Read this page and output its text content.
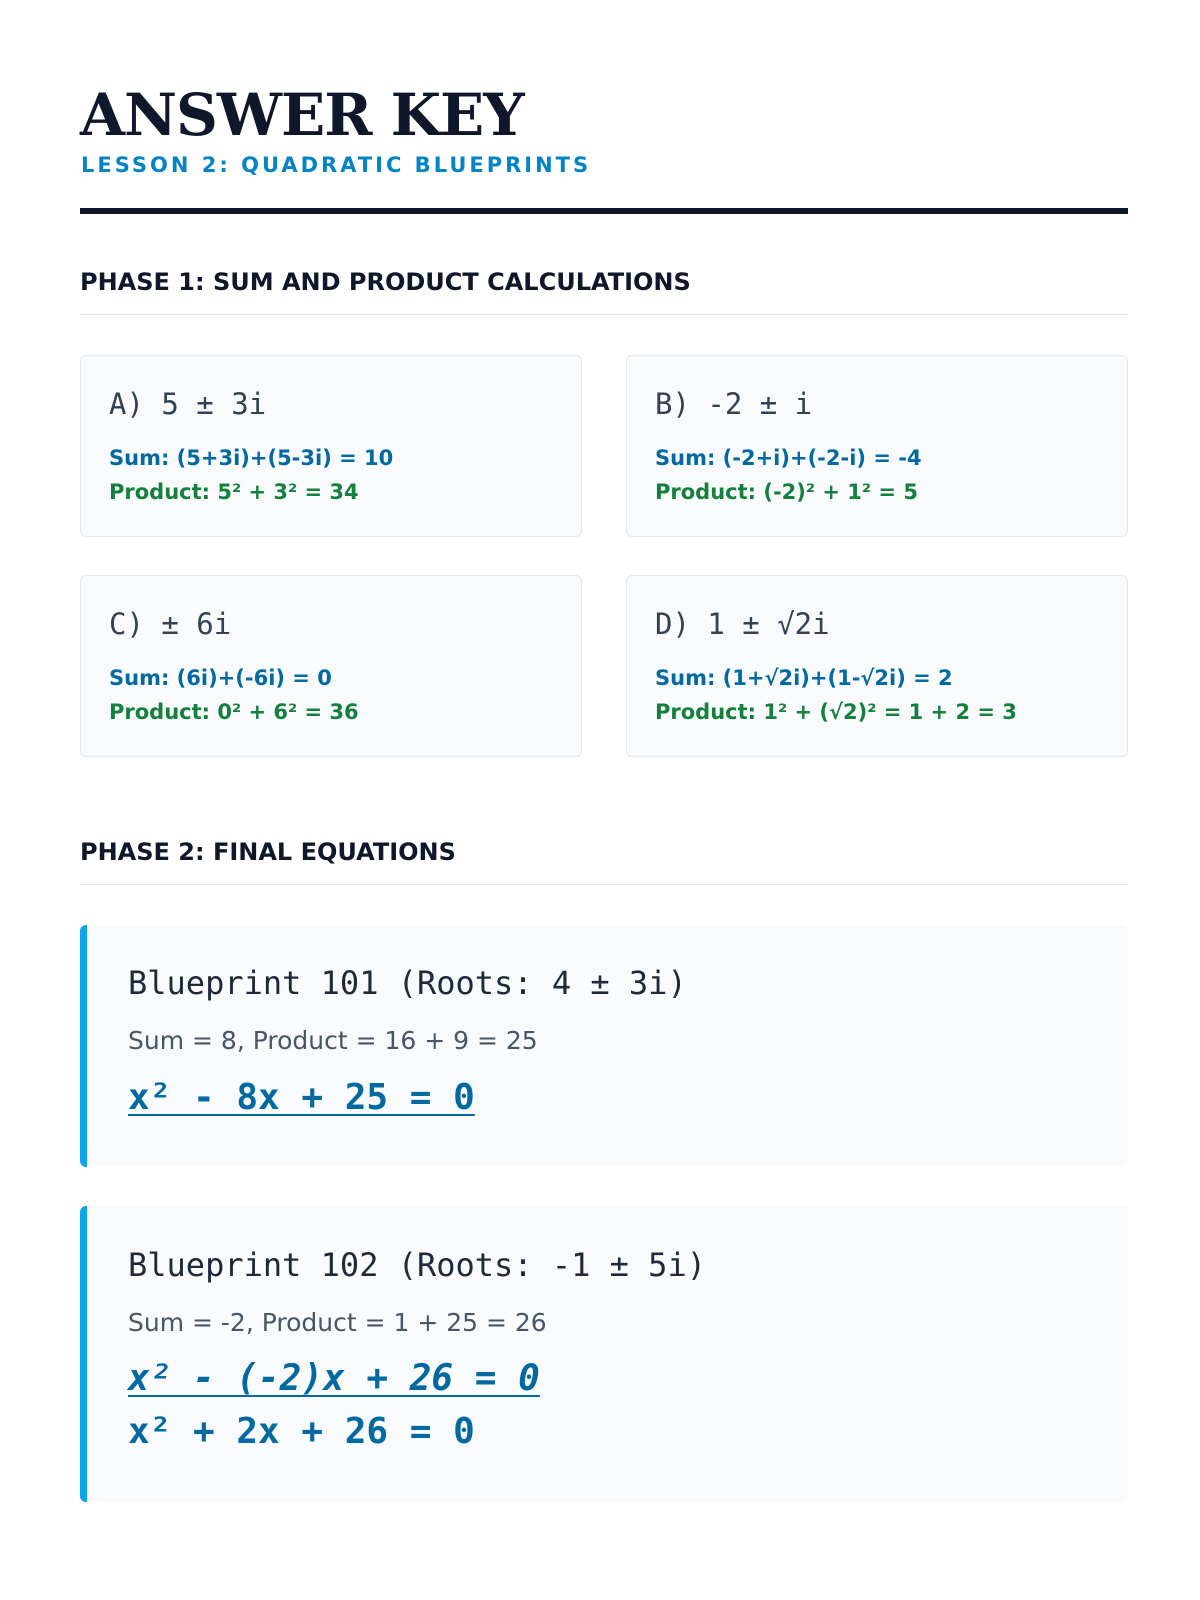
ANSWER KEY
LESSON 2: QUADRATIC BLUEPRINTS
PHASE 1: SUM AND PRODUCT CALCULATIONS
A) 5 ± 3i
Sum: (5+3i)+(5-3i) = 10
Product: 5² + 3² = 34
B) -2 ± i
Sum: (-2+i)+(-2-i) = -4
Product: (-2)² + 1² = 5
C) ± 6i
Sum: (6i)+(-6i) = 0
Product: 0² + 6² = 36
D) 1 ± √2i
Sum: (1+√2i)+(1-√2i) = 2
Product: 1² + (√2)² = 1 + 2 = 3
PHASE 2: FINAL EQUATIONS
Blueprint 101 (Roots: 4 ± 3i)
Sum = 8, Product = 16 + 9 = 25
x² - 8x + 25 = 0
Blueprint 102 (Roots: -1 ± 5i)
Sum = -2, Product = 1 + 25 = 26
x² - (-2)x + 26 = 0
x² + 2x + 26 = 0
